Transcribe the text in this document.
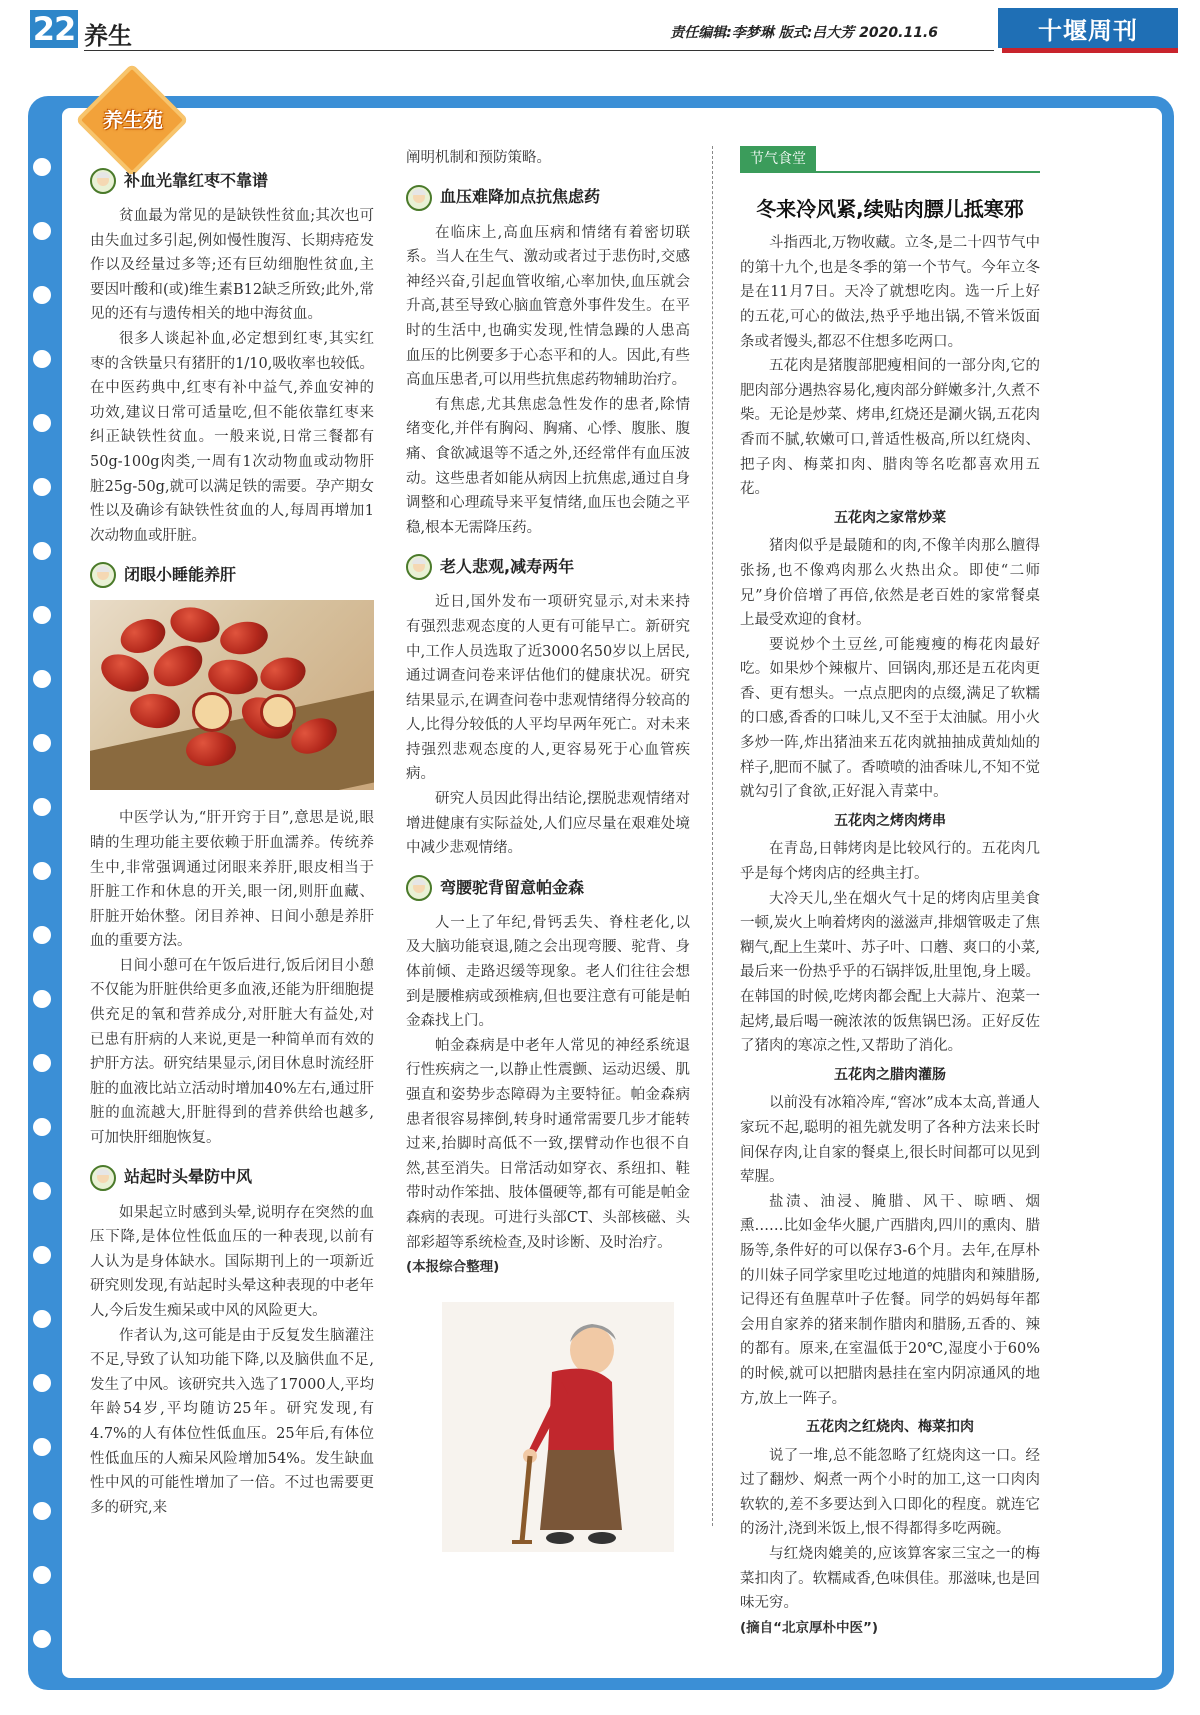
22 养生	责任编辑:李梦琳 版式:吕大芳 2020.11.6	十堰周刊
养生苑
补血光靠红枣不靠谱

贫血最为常见的是缺铁性贫血;其次也可由失血过多引起,例如慢性腹泻、长期痔疮发作以及经量过多等;还有巨幼细胞性贫血,主要因叶酸和(或)维生素B12缺乏所致;此外,常见的还有与遗传相关的地中海贫血。

很多人谈起补血,必定想到红枣,其实红枣的含铁量只有猪肝的1/10,吸收率也较低。在中医药典中,红枣有补中益气,养血安神的功效,建议日常可适量吃,但不能依靠红枣来纠正缺铁性贫血。一般来说,日常三餐都有50g-100g肉类,一周有1次动物血或动物肝脏25g-50g,就可以满足铁的需要。孕产期女性以及确诊有缺铁性贫血的人,每周再增加1次动物血或肝脏。

闭眼小睡能养肝

中医学认为,“肝开窍于目”,意思是说,眼睛的生理功能主要依赖于肝血濡养。传统养生中,非常强调通过闭眼来养肝,眼皮相当于肝脏工作和休息的开关,眼一闭,则肝血藏、肝脏开始休整。闭目养神、日间小憩是养肝血的重要方法。

日间小憩可在午饭后进行,饭后闭目小憩不仅能为肝脏供给更多血液,还能为肝细胞提供充足的氧和营养成分,对肝脏大有益处,对已患有肝病的人来说,更是一种简单而有效的护肝方法。研究结果显示,闭目休息时流经肝脏的血液比站立活动时增加40%左右,通过肝脏的血流越大,肝脏得到的营养供给也越多,可加快肝细胞恢复。

站起时头晕防中风

如果起立时感到头晕,说明存在突然的血压下降,是体位性低血压的一种表现,以前有人认为是身体缺水。国际期刊上的一项新近研究则发现,有站起时头晕这种表现的中老年人,今后发生痴呆或中风的风险更大。

作者认为,这可能是由于反复发生脑灌注不足,导致了认知功能下降,以及脑供血不足,发生了中风。该研究共入选了17000人,平均年龄54岁,平均随访25年。研究发现,有4.7%的人有体位性低血压。25年后,有体位性低血压的人痴呆风险增加54%。发生缺血性中风的可能性增加了一倍。不过也需要更多的研究,来

阐明机制和预防策略。

血压难降加点抗焦虑药

在临床上,高血压病和情绪有着密切联系。当人在生气、激动或者过于悲伤时,交感神经兴奋,引起血管收缩,心率加快,血压就会升高,甚至导致心脑血管意外事件发生。在平时的生活中,也确实发现,性情急躁的人患高血压的比例要多于心态平和的人。因此,有些高血压患者,可以用些抗焦虑药物辅助治疗。

有焦虑,尤其焦虑急性发作的患者,除情绪变化,并伴有胸闷、胸痛、心悸、腹胀、腹痛、食欲减退等不适之外,还经常伴有血压波动。这些患者如能从病因上抗焦虑,通过自身调整和心理疏导来平复情绪,血压也会随之平稳,根本无需降压药。

老人悲观,减寿两年

近日,国外发布一项研究显示,对未来持有强烈悲观态度的人更有可能早亡。新研究中,工作人员选取了近3000名50岁以上居民,通过调查问卷来评估他们的健康状况。研究结果显示,在调查问卷中悲观情绪得分较高的人,比得分较低的人平均早两年死亡。对未来持强烈悲观态度的人,更容易死于心血管疾病。

研究人员因此得出结论,摆脱悲观情绪对增进健康有实际益处,人们应尽量在艰难处境中减少悲观情绪。

弯腰驼背留意帕金森

人一上了年纪,骨钙丢失、脊柱老化,以及大脑功能衰退,随之会出现弯腰、驼背、身体前倾、走路迟缓等现象。老人们往往会想到是腰椎病或颈椎病,但也要注意有可能是帕金森找上门。

帕金森病是中老年人常见的神经系统退行性疾病之一,以静止性震颤、运动迟缓、肌强直和姿势步态障碍为主要特征。帕金森病患者很容易摔倒,转身时通常需要几步才能转过来,抬脚时高低不一致,摆臂动作也很不自然,甚至消失。日常活动如穿衣、系纽扣、鞋带时动作笨拙、肢体僵硬等,都有可能是帕金森病的表现。可进行头部CT、头部核磁、头部彩超等系统检查,及时诊断、及时治疗。

(本报综合整理)

节气食堂
冬来冷风紧,续贴肉膘儿抵寒邪

斗指西北,万物收藏。立冬,是二十四节气中的第十九个,也是冬季的第一个节气。今年立冬是在11月7日。天冷了就想吃肉。选一斤上好的五花,可心的做法,热乎乎地出锅,不管米饭面条或者馒头,都忍不住想多吃两口。

五花肉是猪腹部肥瘦相间的一部分肉,它的肥肉部分遇热容易化,瘦肉部分鲜嫩多汁,久煮不柴。无论是炒菜、烤串,红烧还是涮火锅,五花肉香而不腻,软嫩可口,普适性极高,所以红烧肉、把子肉、梅菜扣肉、腊肉等名吃都喜欢用五花。

五花肉之家常炒菜

猪肉似乎是最随和的肉,不像羊肉那么膻得张扬,也不像鸡肉那么火热出众。即使“二师兄”身价倍增了再倍,依然是老百姓的家常餐桌上最受欢迎的食材。

要说炒个土豆丝,可能瘦瘦的梅花肉最好吃。如果炒个辣椒片、回锅肉,那还是五花肉更香、更有想头。一点点肥肉的点缀,满足了软糯的口感,香香的口味儿,又不至于太油腻。用小火多炒一阵,炸出猪油来五花肉就抽抽成黄灿灿的样子,肥而不腻了。香喷喷的油香味儿,不知不觉就勾引了食欲,正好混入青菜中。

五花肉之烤肉烤串

在青岛,日韩烤肉是比较风行的。五花肉几乎是每个烤肉店的经典主打。

大冷天儿,坐在烟火气十足的烤肉店里美食一顿,炭火上响着烤肉的滋滋声,排烟管吸走了焦糊气,配上生菜叶、苏子叶、口蘑、爽口的小菜,最后来一份热乎乎的石锅拌饭,肚里饱,身上暖。在韩国的时候,吃烤肉都会配上大蒜片、泡菜一起烤,最后喝一碗浓浓的饭焦锅巴汤。正好反佐了猪肉的寒凉之性,又帮助了消化。

五花肉之腊肉灌肠

以前没有冰箱冷库,“窖冰”成本太高,普通人家玩不起,聪明的祖先就发明了各种方法来长时间保存肉,让自家的餐桌上,很长时间都可以见到荤腥。

盐渍、油浸、腌腊、风干、晾晒、烟熏……比如金华火腿,广西腊肉,四川的熏肉、腊肠等,条件好的可以保存3-6个月。去年,在厚朴的川妹子同学家里吃过地道的炖腊肉和辣腊肠,记得还有鱼腥草叶子佐餐。同学的妈妈每年都会用自家养的猪来制作腊肉和腊肠,五香的、辣的都有。原来,在室温低于20℃,湿度小于60%的时候,就可以把腊肉悬挂在室内阴凉通风的地方,放上一阵子。

五花肉之红烧肉、梅菜扣肉

说了一堆,总不能忽略了红烧肉这一口。经过了翻炒、焖煮一两个小时的加工,这一口肉肉软软的,差不多要达到入口即化的程度。就连它的汤汁,浇到米饭上,恨不得都得多吃两碗。

与红烧肉媲美的,应该算客家三宝之一的梅菜扣肉了。软糯咸香,色味俱佳。那滋味,也是回味无穷。

(摘自“北京厚朴中医”)
